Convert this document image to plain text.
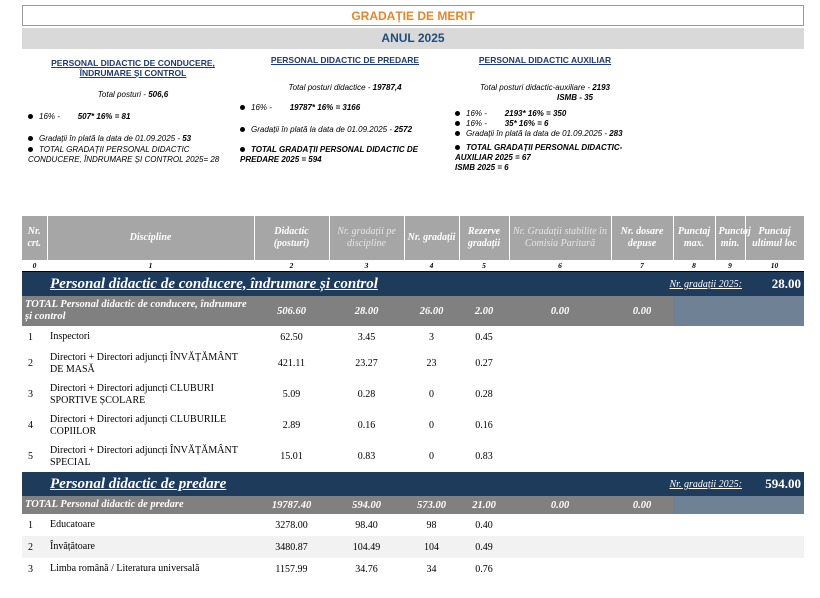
GRADAȚIE DE MERIT
ANUL 2025
PERSONAL DIDACTIC DE CONDUCERE, ÎNDRUMARE ȘI CONTROL

Total posturi - 506,6

16% - 507* 16% = 81

Gradații în plată la data de 01.09.2025 - 53

TOTAL GRADAȚII PERSONAL DIDACTIC CONDUCERE, ÎNDRUMARE ȘI CONTROL 2025= 28

PERSONAL DIDACTIC DE PREDARE

Total posturi didactice - 19787,4

16% - 19787* 16% = 3166

Gradații în plată la data de 01.09.2025 - 2572

TOTAL GRADAȚII PERSONAL DIDACTIC DE PREDARE 2025 = 594

PERSONAL DIDACTIC AUXILIAR

Total posturi didactic-auxiliare - 2193

ISMB - 35

16% - 2193* 16% = 350

16% - 35* 16% = 6

Gradații în plată la data de 01.09.2025 - 283

TOTAL GRADAȚII PERSONAL DIDACTIC-AUXILIAR 2025 = 67

ISMB 2025 = 6

Nr. crt.	Discipline	Didactic (posturi)	Nr. gradații pe discipline	Nr. gradații	Rezerve gradații	Nr. Gradații stabilite în Comisia Paritară	Nr. dosare depuse	Punctaj max.	Punctaj min.	Punctaj ultimul loc
0	1	2	3	4	5	6	7	8	9	10
	Personal didactic de conducere, îndrumare și control						Nr. gradații 2025:			28.00
TOTAL Personal didactic de conducere, îndrumare și control		506.60	28.00	26.00	2.00	0.00	0.00			
1	Inspectori	62.50	3.45	3	0.45					
2	Directori + Directori adjuncți ÎNVĂȚĂMÂNT DE MASĂ	421.11	23.27	23	0.27					
3	Directori + Directori adjuncți CLUBURI SPORTIVE ȘCOLARE	5.09	0.28	0	0.28					
4	Directori + Directori adjuncți CLUBURILE COPIILOR	2.89	0.16	0	0.16					
5	Directori + Directori adjuncți ÎNVĂȚĂMÂNT SPECIAL	15.01	0.83	0	0.83					
	Personal didactic de predare						Nr. gradații 2025:			594.00
TOTAL Personal didactic de predare		19787.40	594.00	573.00	21.00	0.00	0.00			
1	Educatoare	3278.00	98.40	98	0.40					
2	Învățătoare	3480.87	104.49	104	0.49					
3	Limba română / Literatura universală	1157.99	34.76	34	0.76					
